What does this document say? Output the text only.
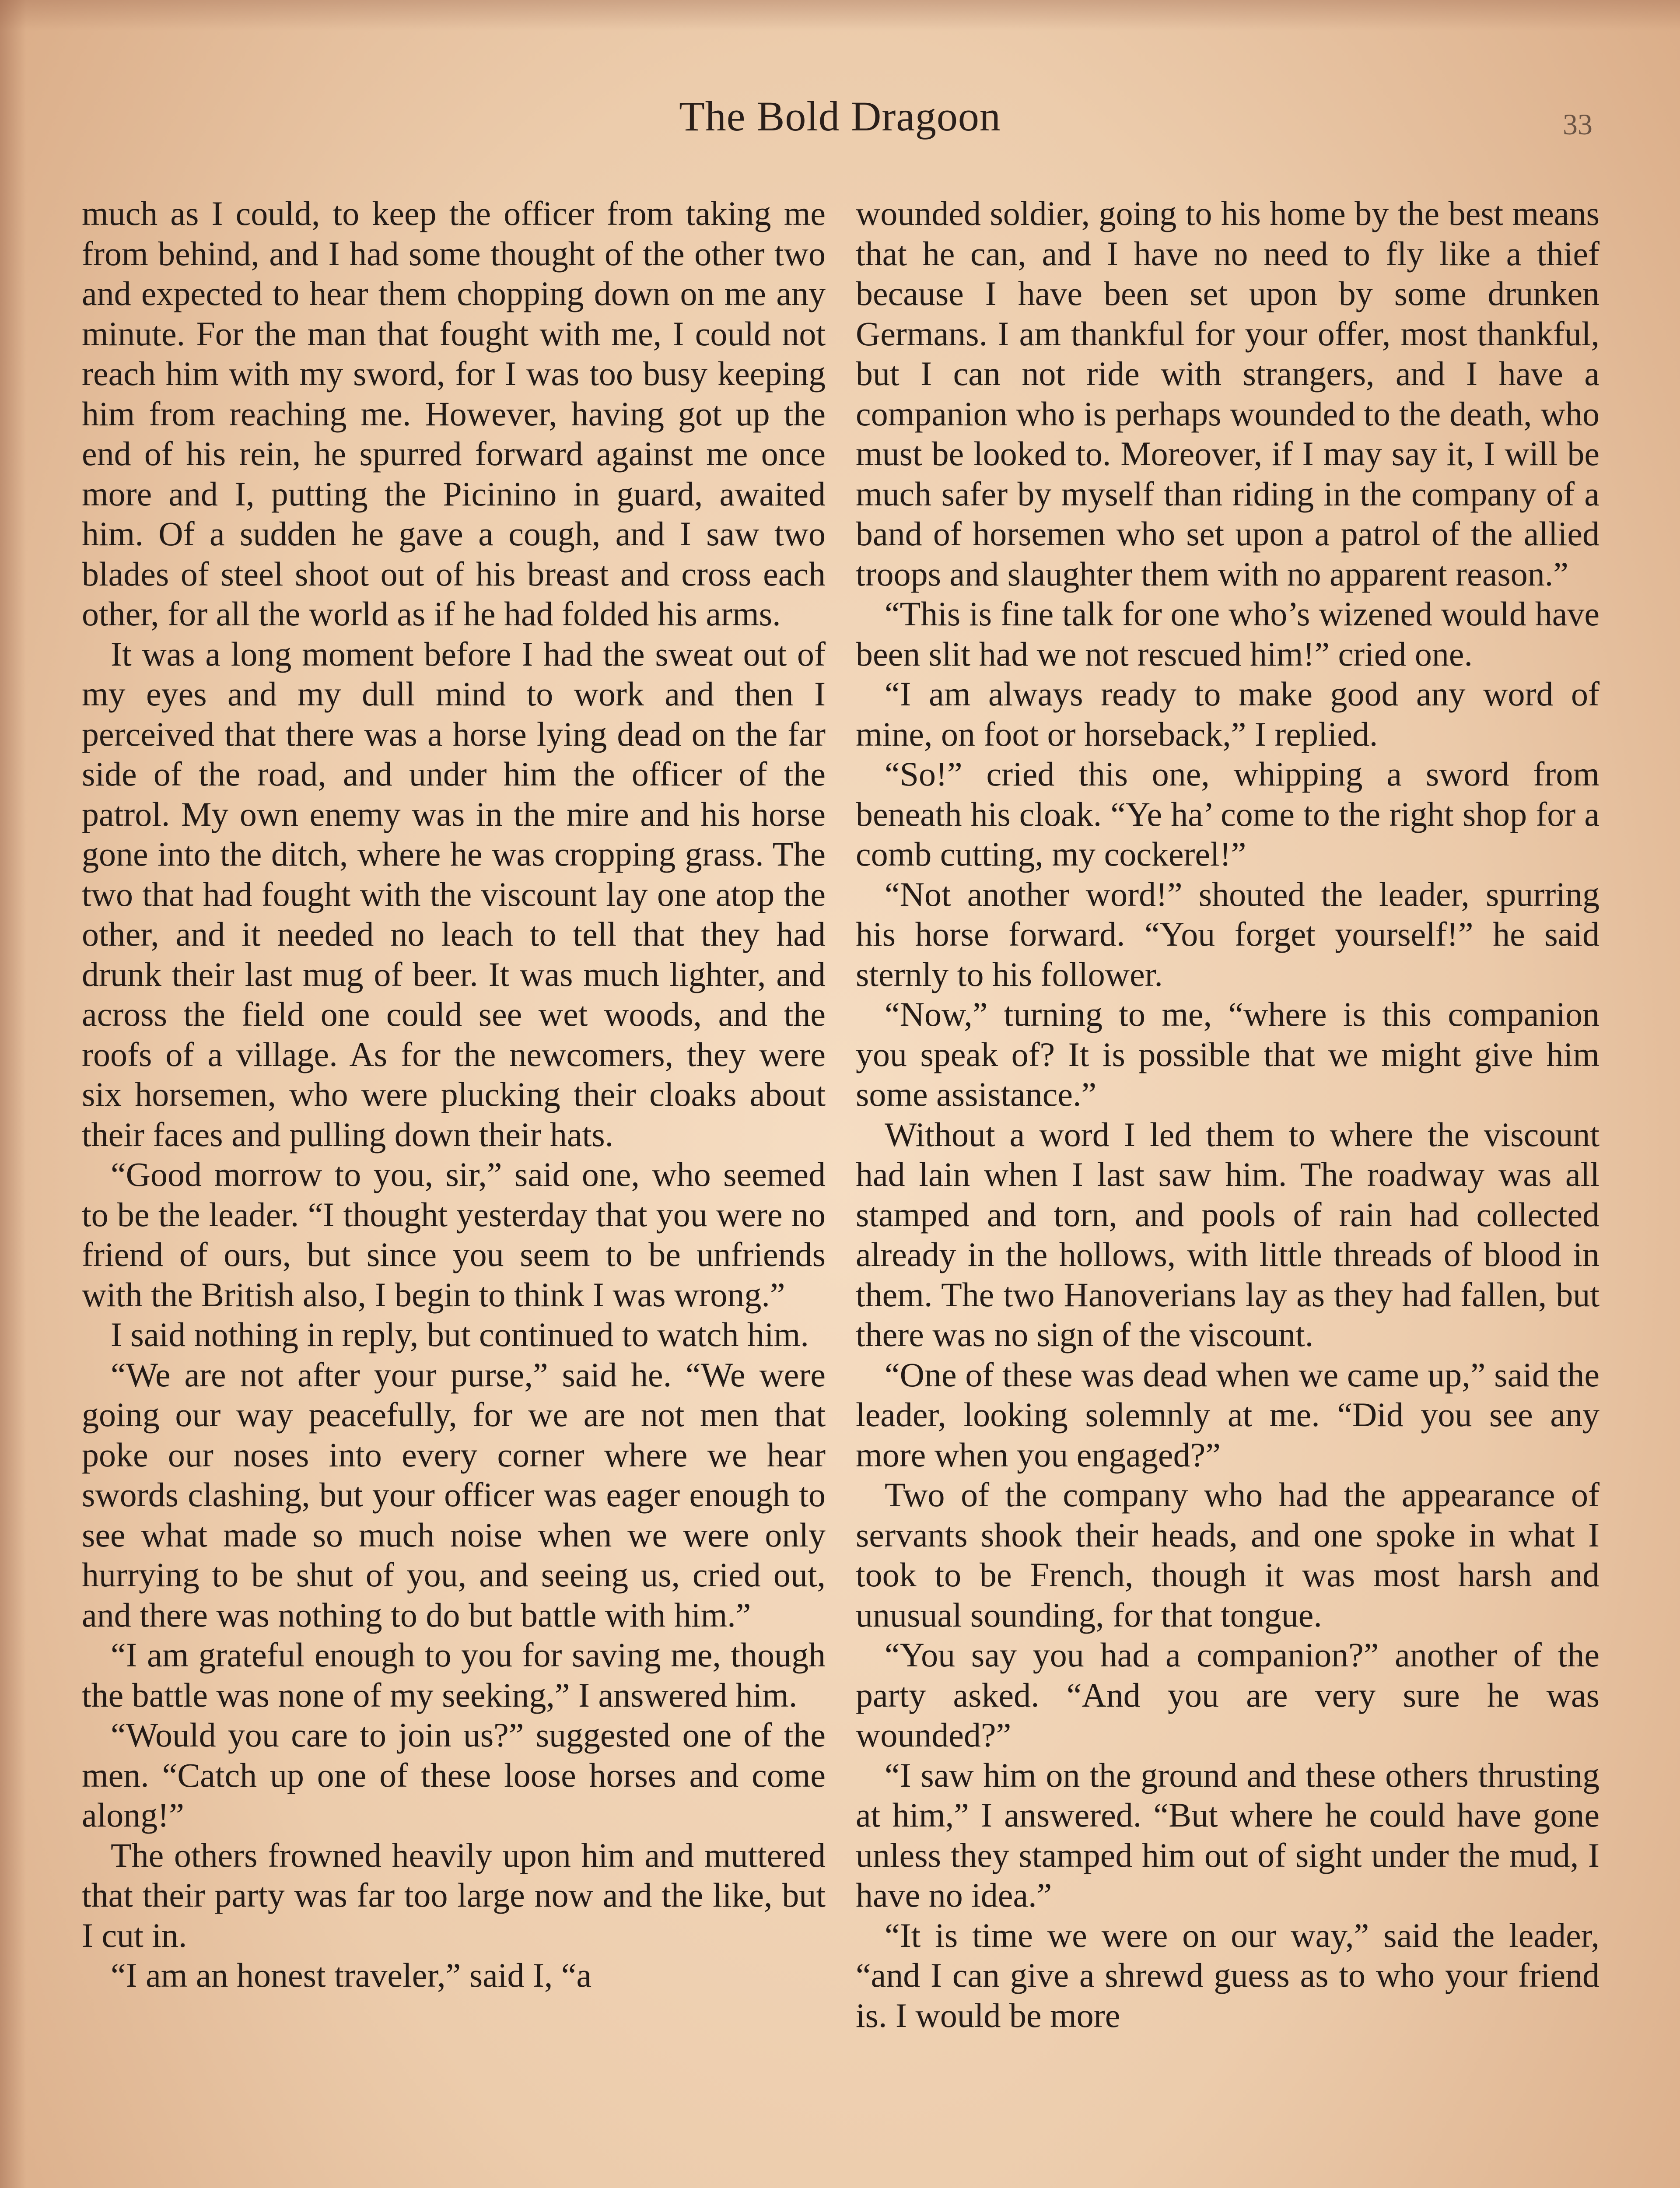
The Bold Dragoon	33

much as I could, to keep the officer from taking me from behind, and I had some thought of the other two and expected to hear them chopping down on me any minute. For the man that fought with me, I could not reach him with my sword, for I was too busy keeping him from reaching me. However, having got up the end of his rein, he spurred forward against me once more and I, putting the Picinino in guard, awaited him. Of a sudden he gave a cough, and I saw two blades of steel shoot out of his breast and cross each other, for all the world as if he had folded his arms.

It was a long moment before I had the sweat out of my eyes and my dull mind to work and then I perceived that there was a horse lying dead on the far side of the road, and under him the officer of the patrol. My own enemy was in the mire and his horse gone into the ditch, where he was cropping grass. The two that had fought with the viscount lay one atop the other, and it needed no leach to tell that they had drunk their last mug of beer. It was much lighter, and across the field one could see wet woods, and the roofs of a village. As for the newcomers, they were six horsemen, who were plucking their cloaks about their faces and pulling down their hats.

“Good morrow to you, sir,” said one, who seemed to be the leader. “I thought yesterday that you were no friend of ours, but since you seem to be unfriends with the British also, I begin to think I was wrong.”

I said nothing in reply, but continued to watch him.

“We are not after your purse,” said he. “We were going our way peacefully, for we are not men that poke our noses into every corner where we hear swords clashing, but your officer was eager enough to see what made so much noise when we were only hurrying to be shut of you, and seeing us, cried out, and there was nothing to do but battle with him.”

“I am grateful enough to you for saving me, though the battle was none of my seeking,” I answered him.

“Would you care to join us?” suggested one of the men. “Catch up one of these loose horses and come along!”

The others frowned heavily upon him and muttered that their party was far too large now and the like, but I cut in.

“I am an honest traveler,” said I, “a

wounded soldier, going to his home by the best means that he can, and I have no need to fly like a thief because I have been set upon by some drunken Germans. I am thankful for your offer, most thankful, but I can not ride with strangers, and I have a companion who is perhaps wounded to the death, who must be looked to. Moreover, if I may say it, I will be much safer by myself than riding in the company of a band of horsemen who set upon a patrol of the allied troops and slaughter them with no apparent reason.”

“This is fine talk for one who’s wizened would have been slit had we not rescued him!” cried one.

“I am always ready to make good any word of mine, on foot or horseback,” I replied.

“So!” cried this one, whipping a sword from beneath his cloak. “Ye ha’ come to the right shop for a comb cutting, my cockerel!”

“Not another word!” shouted the leader, spurring his horse forward. “You forget yourself!” he said sternly to his follower.

“Now,” turning to me, “where is this companion you speak of? It is possible that we might give him some assistance.”

Without a word I led them to where the viscount had lain when I last saw him. The roadway was all stamped and torn, and pools of rain had collected already in the hollows, with little threads of blood in them. The two Hanoverians lay as they had fallen, but there was no sign of the viscount.

“One of these was dead when we came up,” said the leader, looking solemnly at me. “Did you see any more when you engaged?”

Two of the company who had the appearance of servants shook their heads, and one spoke in what I took to be French, though it was most harsh and unusual sounding, for that tongue.

“You say you had a companion?” another of the party asked. “And you are very sure he was wounded?”

“I saw him on the ground and these others thrusting at him,” I answered. “But where he could have gone unless they stamped him out of sight under the mud, I have no idea.”

“It is time we were on our way,” said the leader, “and I can give a shrewd guess as to who your friend is. I would be more
